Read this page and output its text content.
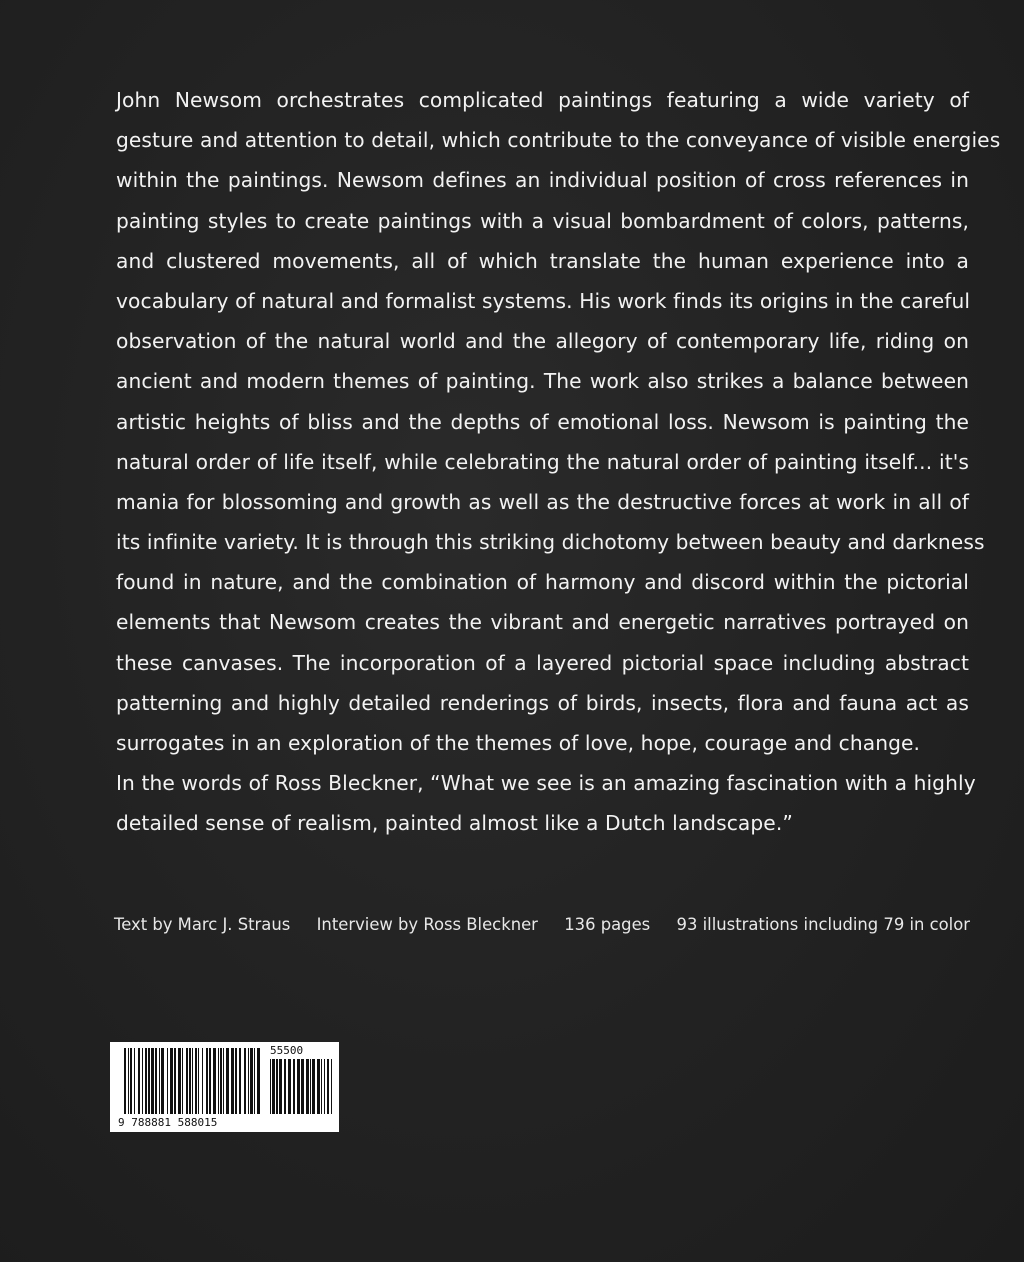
John Newsom orchestrates complicated paintings featuring a wide variety of
gesture and attention to detail, which contribute to the conveyance of visible energies
within the paintings. Newsom defines an individual position of cross references in
painting styles to create paintings with a visual bombardment of colors, patterns,
and clustered movements, all of which translate the human experience into a
vocabulary of natural and formalist systems. His work finds its origins in the careful
observation of the natural world and the allegory of contemporary life, riding on
ancient and modern themes of painting. The work also strikes a balance between
artistic heights of bliss and the depths of emotional loss. Newsom is painting the
natural order of life itself, while celebrating the natural order of painting itself... it's
mania for blossoming and growth as well as the destructive forces at work in all of
its infinite variety. It is through this striking dichotomy between beauty and darkness
found in nature, and the combination of harmony and discord within the pictorial
elements that Newsom creates the vibrant and energetic narratives portrayed on
these canvases. The incorporation of a layered pictorial space including abstract
patterning and highly detailed renderings of birds, insects, flora and fauna act as
surrogates in an exploration of the themes of love, hope, courage and change.
In the words of Ross Bleckner, “What we see is an amazing fascination with a highly
detailed sense of realism, painted almost like a Dutch landscape.”
Text by Marc J. Straus Interview by Ross Bleckner 136 pages 93 illustrations including 79 in color
9 788881 588015
55500
